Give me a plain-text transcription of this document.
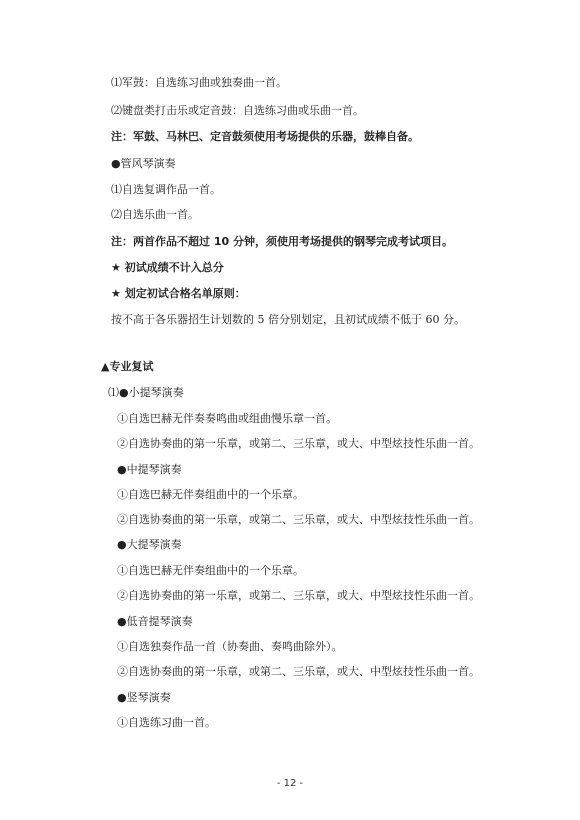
⑴军鼓：自选练习曲或独奏曲一首。
⑵键盘类打击乐或定音鼓：自选练习曲或乐曲一首。
注：军鼓、马林巴、定音鼓须使用考场提供的乐器，鼓棒自备。
●管风琴演奏
⑴自选复调作品一首。
⑵自选乐曲一首。
注：两首作品不超过 10 分钟，须使用考场提供的钢琴完成考试项目。
★ 初试成绩不计入总分
★ 划定初试合格名单原则：
按不高于各乐器招生计划数的 5 倍分别划定，且初试成绩不低于 60 分。
▲专业复试
⑴●小提琴演奏
①自选巴赫无伴奏奏鸣曲或组曲慢乐章一首。
②自选协奏曲的第一乐章，或第二、三乐章，或大、中型炫技性乐曲一首。
●中提琴演奏
①自选巴赫无伴奏组曲中的一个乐章。
②自选协奏曲的第一乐章，或第二、三乐章，或大、中型炫技性乐曲一首。
●大提琴演奏
①自选巴赫无伴奏组曲中的一个乐章。
②自选协奏曲的第一乐章，或第二、三乐章，或大、中型炫技性乐曲一首。
●低音提琴演奏
①自选独奏作品一首（协奏曲、奏鸣曲除外）。
②自选协奏曲的第一乐章，或第二、三乐章，或大、中型炫技性乐曲一首。
●竖琴演奏
①自选练习曲一首。
- 12 -
